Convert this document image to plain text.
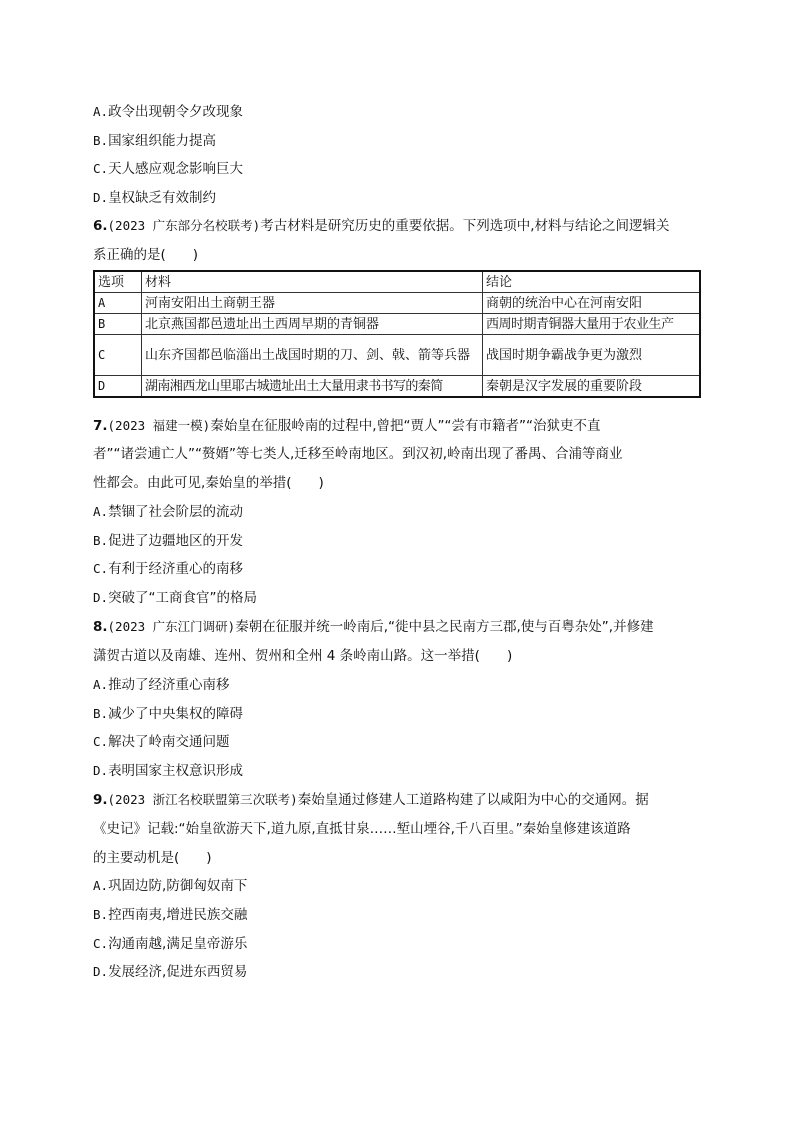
A.政令出现朝令夕改现象
B.国家组织能力提高
C.天人感应观念影响巨大
D.皇权缺乏有效制约
6.(2023 广东部分名校联考)考古材料是研究历史的重要依据。下列选项中,材料与结论之间逻辑关
系正确的是(　　)
选项	材料	结论
A	河南安阳出土商朝王器	商朝的统治中心在河南安阳
B	北京燕国都邑遗址出土西周早期的青铜器	西周时期青铜器大量用于农业生产
C	山东齐国都邑临淄出土战国时期的刀、剑、戟、箭等兵器	战国时期争霸战争更为激烈
D	湖南湘西龙山里耶古城遗址出土大量用隶书书写的秦简	秦朝是汉字发展的重要阶段
7.(2023 福建一模)秦始皇在征服岭南的过程中,曾把“贾人”“尝有市籍者”“治狱吏不直
者”“诸尝逋亡人”“赘婿”等七类人,迁移至岭南地区。到汉初,岭南出现了番禺、合浦等商业
性都会。由此可见,秦始皇的举措(　　)
A.禁锢了社会阶层的流动
B.促进了边疆地区的开发
C.有利于经济重心的南移
D.突破了“工商食官”的格局
8.(2023 广东江门调研)秦朝在征服并统一岭南后,“徙中县之民南方三郡,使与百粤杂处”,并修建
潇贺古道以及南雄、连州、贺州和全州 4 条岭南山路。这一举措(　　)
A.推动了经济重心南移
B.减少了中央集权的障碍
C.解决了岭南交通问题
D.表明国家主权意识形成
9.(2023 浙江名校联盟第三次联考)秦始皇通过修建人工道路构建了以咸阳为中心的交通网。据
《史记》记载:“始皇欲游天下,道九原,直抵甘泉……堑山堙谷,千八百里。”秦始皇修建该道路
的主要动机是(　　)
A.巩固边防,防御匈奴南下
B.控西南夷,增进民族交融
C.沟通南越,满足皇帝游乐
D.发展经济,促进东西贸易
